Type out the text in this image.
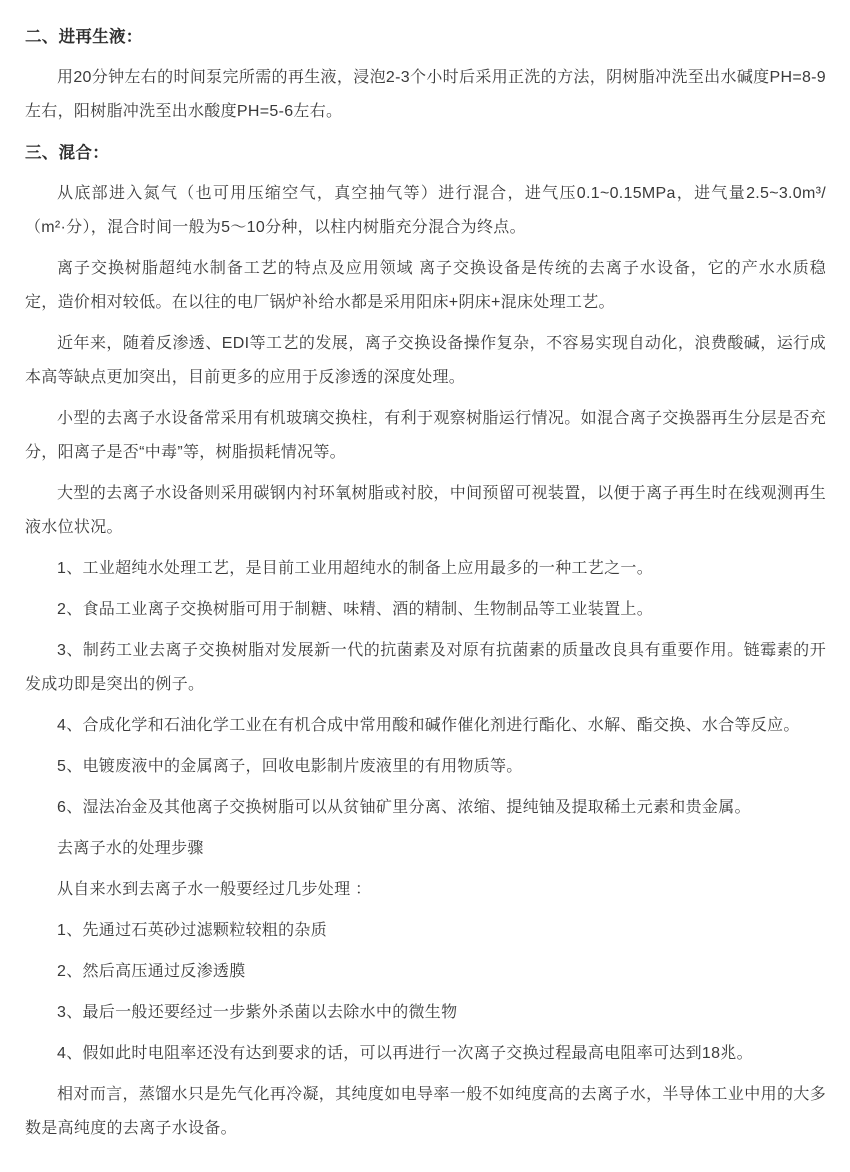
二、进再生液：

用20分钟左右的时间泵完所需的再生液，浸泡2-3个小时后采用正洗的方法，阴树脂冲洗至出水碱度PH=8-9左右，阳树脂冲洗至出水酸度PH=5-6左右。

三、混合：

从底部进入氮气（也可用压缩空气，真空抽气等）进行混合，进气压0.1~0.15MPa，进气量2.5~3.0m³/（m²·分），混合时间一般为5～10分种，以柱内树脂充分混合为终点。

离子交换树脂超纯水制备工艺的特点及应用领域 离子交换设备是传统的去离子水设备，它的产水水质稳定，造价相对较低。在以往的电厂锅炉补给水都是采用阳床+阴床+混床处理工艺。

近年来，随着反渗透、EDI等工艺的发展，离子交换设备操作复杂，不容易实现自动化，浪费酸碱，运行成本高等缺点更加突出，目前更多的应用于反渗透的深度处理。

小型的去离子水设备常采用有机玻璃交换柱，有利于观察树脂运行情况。如混合离子交换器再生分层是否充分，阳离子是否“中毒”等，树脂损耗情况等。

大型的去离子水设备则采用碳钢内衬环氧树脂或衬胶，中间预留可视装置，以便于离子再生时在线观测再生液水位状况。

1、工业超纯水处理工艺，是目前工业用超纯水的制备上应用最多的一种工艺之一。

2、食品工业离子交换树脂可用于制糖、味精、酒的精制、生物制品等工业装置上。

3、制药工业去离子交换树脂对发展新一代的抗菌素及对原有抗菌素的质量改良具有重要作用。链霉素的开发成功即是突出的例子。

4、合成化学和石油化学工业在有机合成中常用酸和碱作催化剂进行酯化、水解、酯交换、水合等反应。

5、电镀废液中的金属离子，回收电影制片废液里的有用物质等。

6、湿法冶金及其他离子交换树脂可以从贫铀矿里分离、浓缩、提纯铀及提取稀土元素和贵金属。

去离子水的处理步骤

从自来水到去离子水一般要经过几步处理 ：

1、先通过石英砂过滤颗粒较粗的杂质

2、然后高压通过反渗透膜

3、最后一般还要经过一步紫外杀菌以去除水中的微生物

4、假如此时电阻率还没有达到要求的话，可以再进行一次离子交换过程最高电阻率可达到18兆。

相对而言，蒸馏水只是先气化再冷凝，其纯度如电导率一般不如纯度高的去离子水，半导体工业中用的大多数是高纯度的去离子水设备。
